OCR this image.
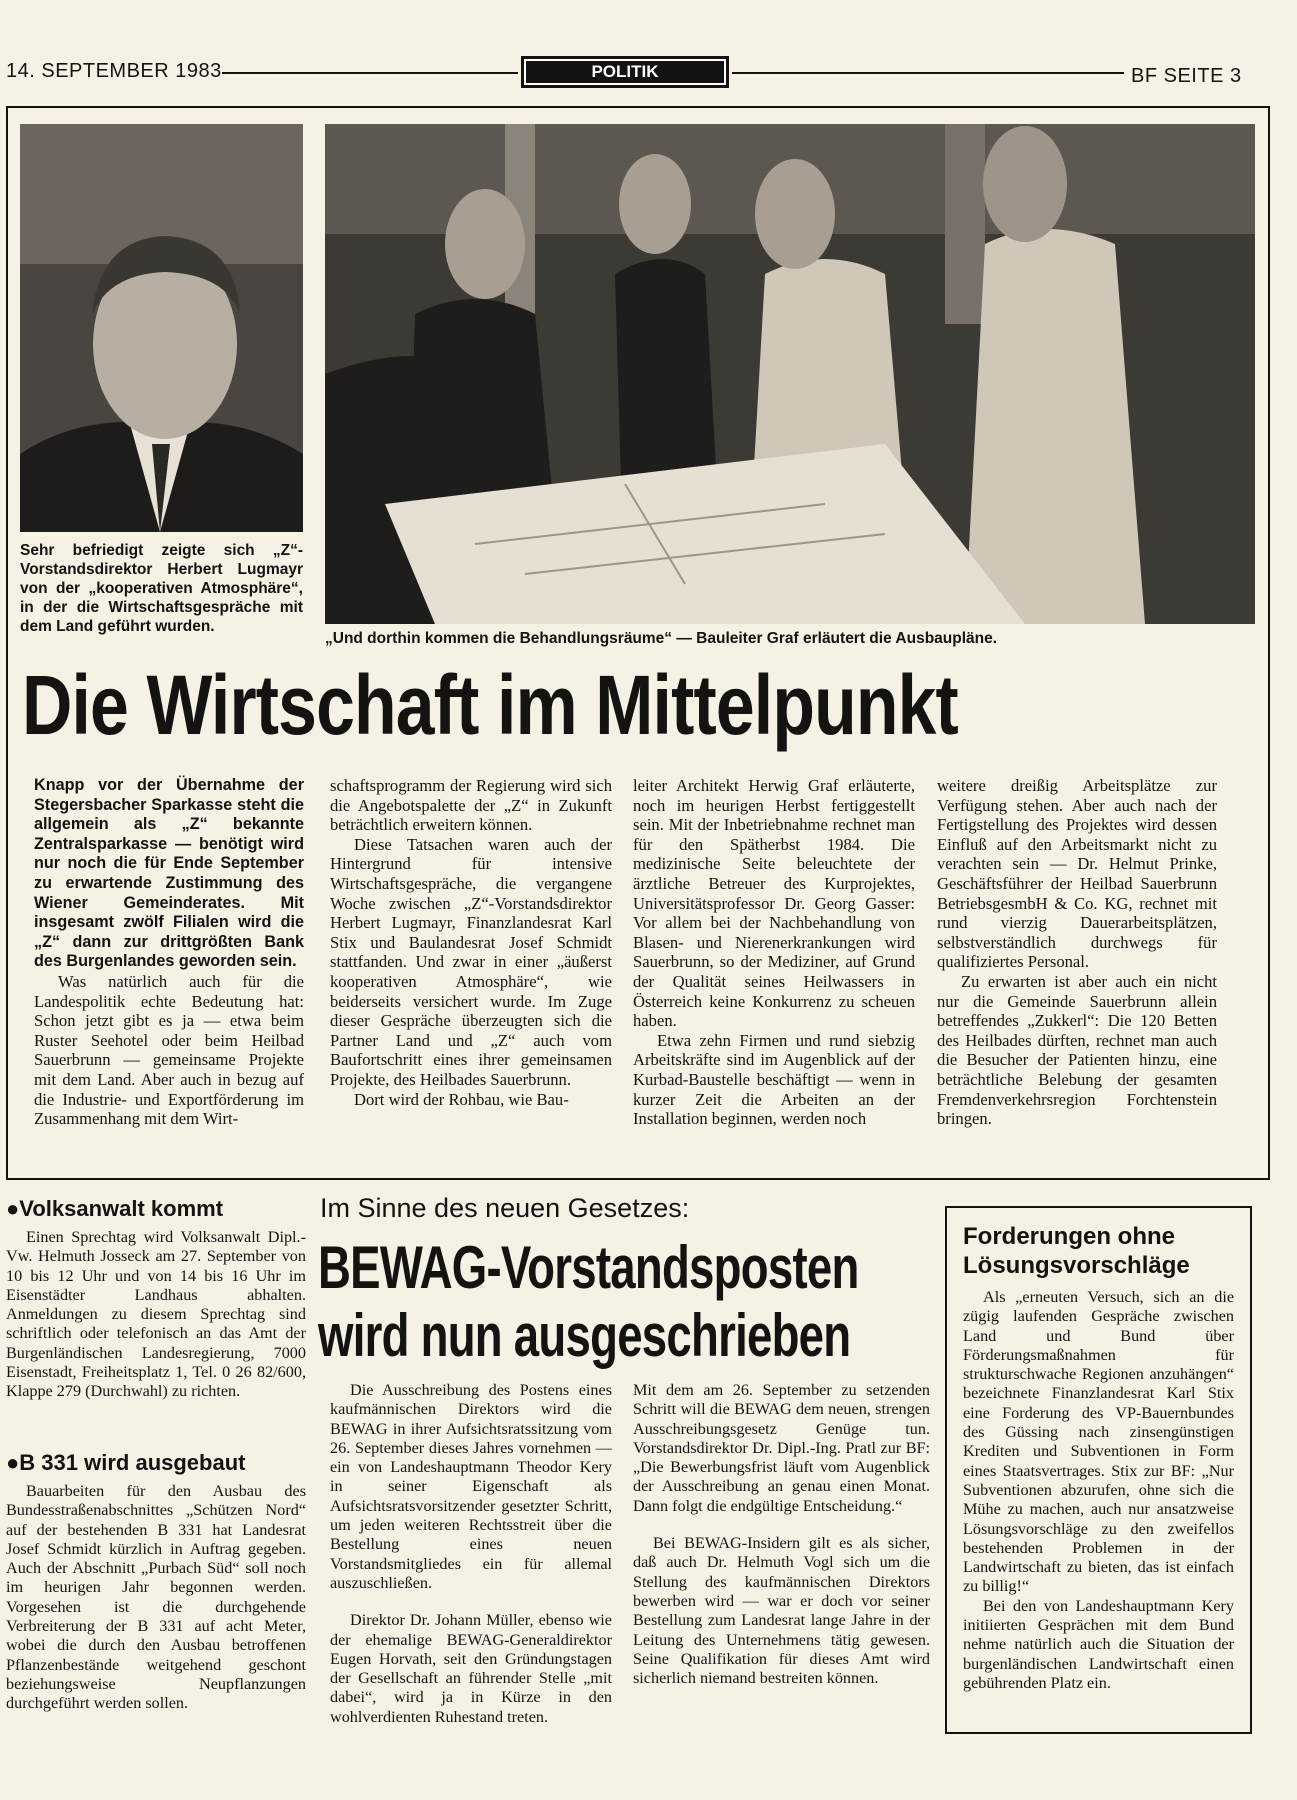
14. SEPTEMBER 1983	POLITIK	BF SEITE 3
Sehr befriedigt zeigte sich „Z“-Vorstandsdirektor Herbert Lugmayr von der „kooperativen Atmosphäre“, in der die Wirtschaftsgespräche mit dem Land geführt wurden.
„Und dorthin kommen die Behandlungsräume“ — Bauleiter Graf erläutert die Ausbaupläne.
Die Wirtschaft im Mittelpunkt
Knapp vor der Übernahme der Stegersbacher Sparkasse steht die allgemein als „Z“ bekannte Zentralsparkasse — benötigt wird nur noch die für Ende September zu erwartende Zustimmung des Wiener Gemeinderates. Mit insgesamt zwölf Filialen wird die „Z“ dann zur drittgrößten Bank des Burgenlandes geworden sein.

Was natürlich auch für die Landespolitik echte Bedeutung hat: Schon jetzt gibt es ja — etwa beim Ruster Seehotel oder beim Heilbad Sauerbrunn — gemeinsame Projekte mit dem Land. Aber auch in bezug auf die Industrie- und Exportförderung im Zusammenhang mit dem Wirt-

schaftsprogramm der Regierung wird sich die Angebotspalette der „Z“ in Zukunft beträchtlich erweitern können.

Diese Tatsachen waren auch der Hintergrund für intensive Wirtschaftsgespräche, die vergangene Woche zwischen „Z“-Vorstandsdirektor Herbert Lugmayr, Finanzlandesrat Karl Stix und Baulandesrat Josef Schmidt stattfanden. Und zwar in einer „äußerst kooperativen Atmosphäre“, wie beiderseits versichert wurde. Im Zuge dieser Gespräche überzeugten sich die Partner Land und „Z“ auch vom Baufortschritt eines ihrer gemeinsamen Projekte, des Heilbades Sauerbrunn.

Dort wird der Rohbau, wie Bau-

leiter Architekt Herwig Graf erläuterte, noch im heurigen Herbst fertiggestellt sein. Mit der Inbetriebnahme rechnet man für den Spätherbst 1984. Die medizinische Seite beleuchtete der ärztliche Betreuer des Kurprojektes, Universitätsprofessor Dr. Georg Gasser: Vor allem bei der Nachbehandlung von Blasen- und Nierenerkrankungen wird Sauerbrunn, so der Mediziner, auf Grund der Qualität seines Heilwassers in Österreich keine Konkurrenz zu scheuen haben.

Etwa zehn Firmen und rund siebzig Arbeitskräfte sind im Augenblick auf der Kurbad-Baustelle beschäftigt — wenn in kurzer Zeit die Arbeiten an der Installation beginnen, werden noch

weitere dreißig Arbeitsplätze zur Verfügung stehen. Aber auch nach der Fertigstellung des Projektes wird dessen Einfluß auf den Arbeitsmarkt nicht zu verachten sein — Dr. Helmut Prinke, Geschäftsführer der Heilbad Sauerbrunn BetriebsgesmbH & Co. KG, rechnet mit rund vierzig Dauerarbeitsplätzen, selbstverständlich durchwegs für qualifiziertes Personal.

Zu erwarten ist aber auch ein nicht nur die Gemeinde Sauerbrunn allein betreffendes „Zukkerl“: Die 120 Betten des Heilbades dürften, rechnet man auch die Besucher der Patienten hinzu, eine beträchtliche Belebung der gesamten Fremdenverkehrsregion Forchtenstein bringen.

●Volksanwalt kommt

Einen Sprechtag wird Volksanwalt Dipl.-Vw. Helmuth Josseck am 27. September von 10 bis 12 Uhr und von 14 bis 16 Uhr im Eisenstädter Landhaus abhalten. Anmeldungen zu diesem Sprechtag sind schriftlich oder telefonisch an das Amt der Burgenländischen Landesregierung, 7000 Eisenstadt, Freiheitsplatz 1, Tel. 0 26 82/600, Klappe 279 (Durchwahl) zu richten.

●B 331 wird ausgebaut

Bauarbeiten für den Ausbau des Bundesstraßenabschnittes „Schützen Nord“ auf der bestehenden B 331 hat Landesrat Josef Schmidt kürzlich in Auftrag gegeben. Auch der Abschnitt „Purbach Süd“ soll noch im heurigen Jahr begonnen werden. Vorgesehen ist die durchgehende Verbreiterung der B 331 auf acht Meter, wobei die durch den Ausbau betroffenen Pflanzenbestände weitgehend geschont beziehungsweise Neupflanzungen durchgeführt werden sollen.

Im Sinne des neuen Gesetzes:
BEWAG-Vorstandsposten
wird nun ausgeschrieben

Die Ausschreibung des Postens eines kaufmännischen Direktors wird die BEWAG in ihrer Aufsichtsratssitzung vom 26. September dieses Jahres vornehmen — ein von Landeshauptmann Theodor Kery in seiner Eigenschaft als Aufsichtsratsvorsitzender gesetzter Schritt, um jeden weiteren Rechtsstreit über die Bestellung eines neuen Vorstandsmitgliedes ein für allemal auszuschließen.

Direktor Dr. Johann Müller, ebenso wie der ehemalige BEWAG-Generaldirektor Eugen Horvath, seit den Gründungstagen der Gesellschaft an führender Stelle „mit dabei“, wird ja in Kürze in den wohlverdienten Ruhestand treten.

Mit dem am 26. September zu setzenden Schritt will die BEWAG dem neuen, strengen Ausschreibungsgesetz Genüge tun. Vorstandsdirektor Dr. Dipl.-Ing. Pratl zur BF: „Die Bewerbungsfrist läuft vom Augenblick der Ausschreibung an genau einen Monat. Dann folgt die endgültige Entscheidung.“

Bei BEWAG-Insidern gilt es als sicher, daß auch Dr. Helmuth Vogl sich um die Stellung des kaufmännischen Direktors bewerben wird — war er doch vor seiner Bestellung zum Landesrat lange Jahre in der Leitung des Unternehmens tätig gewesen. Seine Qualifikation für dieses Amt wird sicherlich niemand bestreiten können.

Forderungen ohne
Lösungsvorschläge

Als „erneuten Versuch, sich an die zügig laufenden Gespräche zwischen Land und Bund über Förderungsmaßnahmen für strukturschwache Regionen anzuhängen“ bezeichnete Finanzlandesrat Karl Stix eine Forderung des VP-Bauernbundes des Güssing nach zinsengünstigen Krediten und Subventionen in Form eines Staatsvertrages. Stix zur BF: „Nur Subventionen abzurufen, ohne sich die Mühe zu machen, auch nur ansatzweise Lösungsvorschläge zu den zweifellos bestehenden Problemen in der Landwirtschaft zu bieten, das ist einfach zu billig!“

Bei den von Landeshauptmann Kery initiierten Gesprächen mit dem Bund nehme natürlich auch die Situation der burgenländischen Landwirtschaft einen gebührenden Platz ein.
